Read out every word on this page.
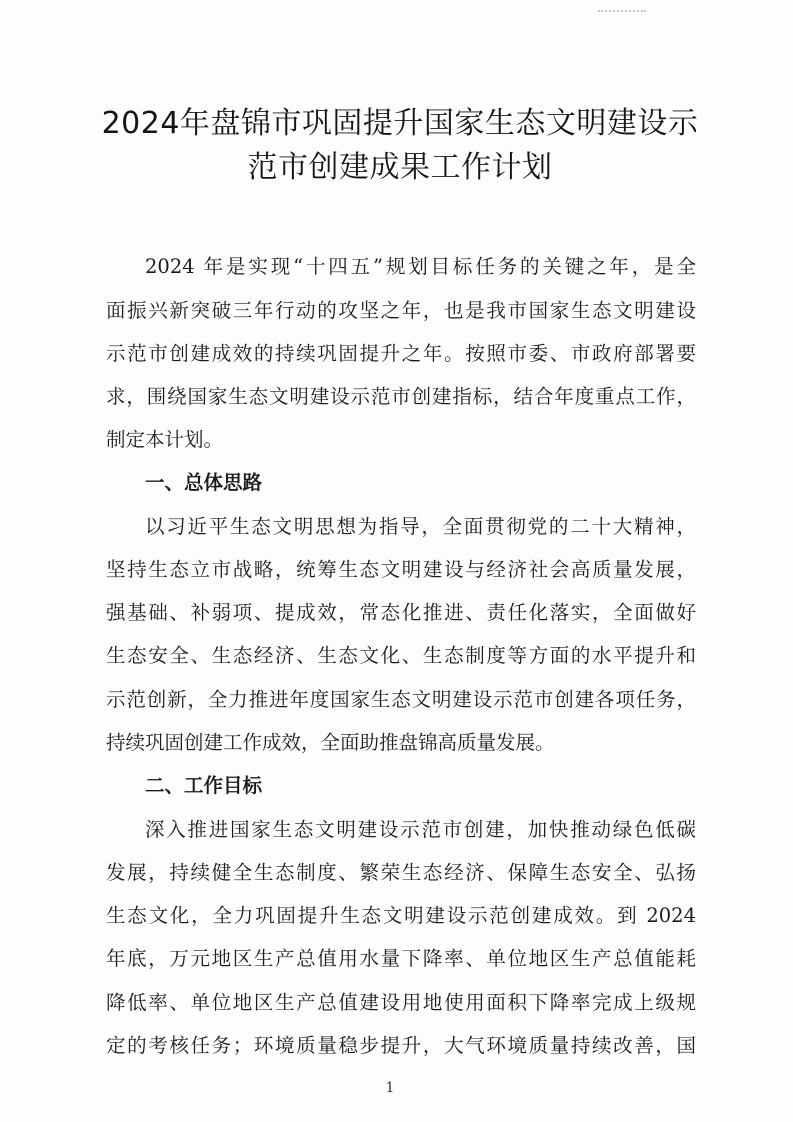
2024年盘锦市巩固提升国家生态文明建设示
范市创建成果工作计划
2024 年是实现“十四五”规划目标任务的关键之年，是全
面振兴新突破三年行动的攻坚之年，也是我市国家生态文明建设
示范市创建成效的持续巩固提升之年。按照市委、市政府部署要
求，围绕国家生态文明建设示范市创建指标，结合年度重点工作，
制定本计划。
一、总体思路
以习近平生态文明思想为指导，全面贯彻党的二十大精神，
坚持生态立市战略，统筹生态文明建设与经济社会高质量发展，
强基础、补弱项、提成效，常态化推进、责任化落实，全面做好
生态安全、生态经济、生态文化、生态制度等方面的水平提升和
示范创新，全力推进年度国家生态文明建设示范市创建各项任务，
持续巩固创建工作成效，全面助推盘锦高质量发展。
二、工作目标
深入推进国家生态文明建设示范市创建，加快推动绿色低碳
发展，持续健全生态制度、繁荣生态经济、保障生态安全、弘扬
生态文化，全力巩固提升生态文明建设示范创建成效。到 2024
年底，万元地区生产总值用水量下降率、单位地区生产总值能耗
降低率、单位地区生产总值建设用地使用面积下降率完成上级规
定的考核任务；环境质量稳步提升，大气环境质量持续改善，国
1
